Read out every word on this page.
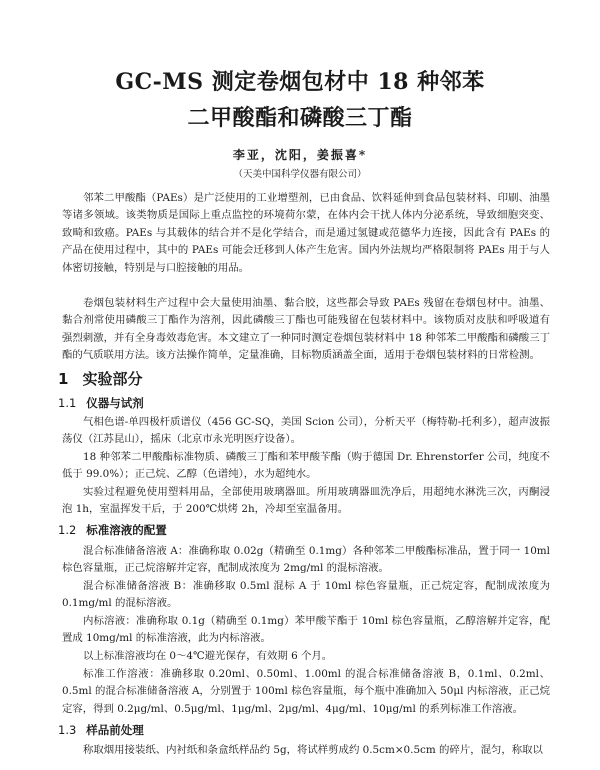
GC-MS 测定卷烟包材中 18 种邻苯
二甲酸酯和磷酸三丁酯
李亚，沈阳，姜振喜*
（天美中国科学仪器有限公司）

邻苯二甲酸酯（PAEs）是广泛使用的工业增塑剂，已由食品、饮料延伸到食品包装材料、印刷、油墨等诸多领域。该类物质是国际上重点监控的环境荷尔蒙，在体内会干扰人体内分泌系统，导致细胞突变、致畸和致癌。PAEs 与其载体的结合并不是化学结合，而是通过氢键或范德华力连接，因此含有 PAEs 的产品在使用过程中，其中的 PAEs 可能会迁移到人体产生危害。国内外法规均严格限制将 PAEs 用于与人体密切接触，特别是与口腔接触的用品。

卷烟包装材料生产过程中会大量使用油墨、黏合胶，这些都会导致 PAEs 残留在卷烟包材中。油墨、黏合剂常使用磷酸三丁酯作为溶剂，因此磷酸三丁酯也可能残留在包装材料中。该物质对皮肤和呼吸道有强烈刺激，并有全身毒效毒危害。本文建立了一种同时测定卷烟包装材料中 18 种邻苯二甲酸酯和磷酸三丁酯的气质联用方法。该方法操作简单，定量准确，目标物质涵盖全面，适用于卷烟包装材料的日常检测。

1 实验部分
1.1 仪器与试剂

气相色谱-单四极杆质谱仪（456 GC-SQ，美国 Scion 公司），分析天平（梅特勒-托利多），超声波振荡仪（江苏昆山），摇床（北京市永光明医疗设备）。

18 种邻苯二甲酸酯标准物质、磷酸三丁酯和苯甲酸苄酯（购于德国 Dr. Ehrenstorfer 公司，纯度不低于 99.0%）；正己烷、乙醇（色谱纯），水为超纯水。

实验过程避免使用塑料用品，全部使用玻璃器皿。所用玻璃器皿洗净后，用超纯水淋洗三次，丙酮浸泡 1h，室温挥发干后，于 200℃烘烤 2h，冷却至室温备用。

1.2 标准溶液的配置

混合标准储备溶液 A：准确称取 0.02g（精确至 0.1mg）各种邻苯二甲酸酯标准品，置于同一 10ml 棕色容量瓶，正己烷溶解并定容，配制成浓度为 2mg/ml 的混标溶液。

混合标准储备溶液 B：准确移取 0.5ml 混标 A 于 10ml 棕色容量瓶，正己烷定容，配制成浓度为 0.1mg/ml 的混标溶液。

内标溶液：准确称取 0.1g（精确至 0.1mg）苯甲酸苄酯于 10ml 棕色容量瓶，乙醇溶解并定容，配置成 10mg/ml 的标准溶液，此为内标溶液。

以上标准溶液均在 0～4℃避光保存，有效期 6 个月。

标准工作溶液：准确移取 0.20ml、0.50ml、1.00ml 的混合标准储备溶液 B，0.1ml、0.2ml、0.5ml 的混合标准储备溶液 A，分别置于 100ml 棕色容量瓶，每个瓶中准确加入 50μl 内标溶液，正己烷定容，得到 0.2μg/ml、0.5μg/ml、1μg/ml、2μg/ml、4μg/ml、10μg/ml 的系列标准工作溶液。

1.3 样品前处理

称取烟用接装纸、内衬纸和条盒纸样品约 5g，将试样剪成约 0.5cm×0.5cm 的碎片，混匀，称取以
